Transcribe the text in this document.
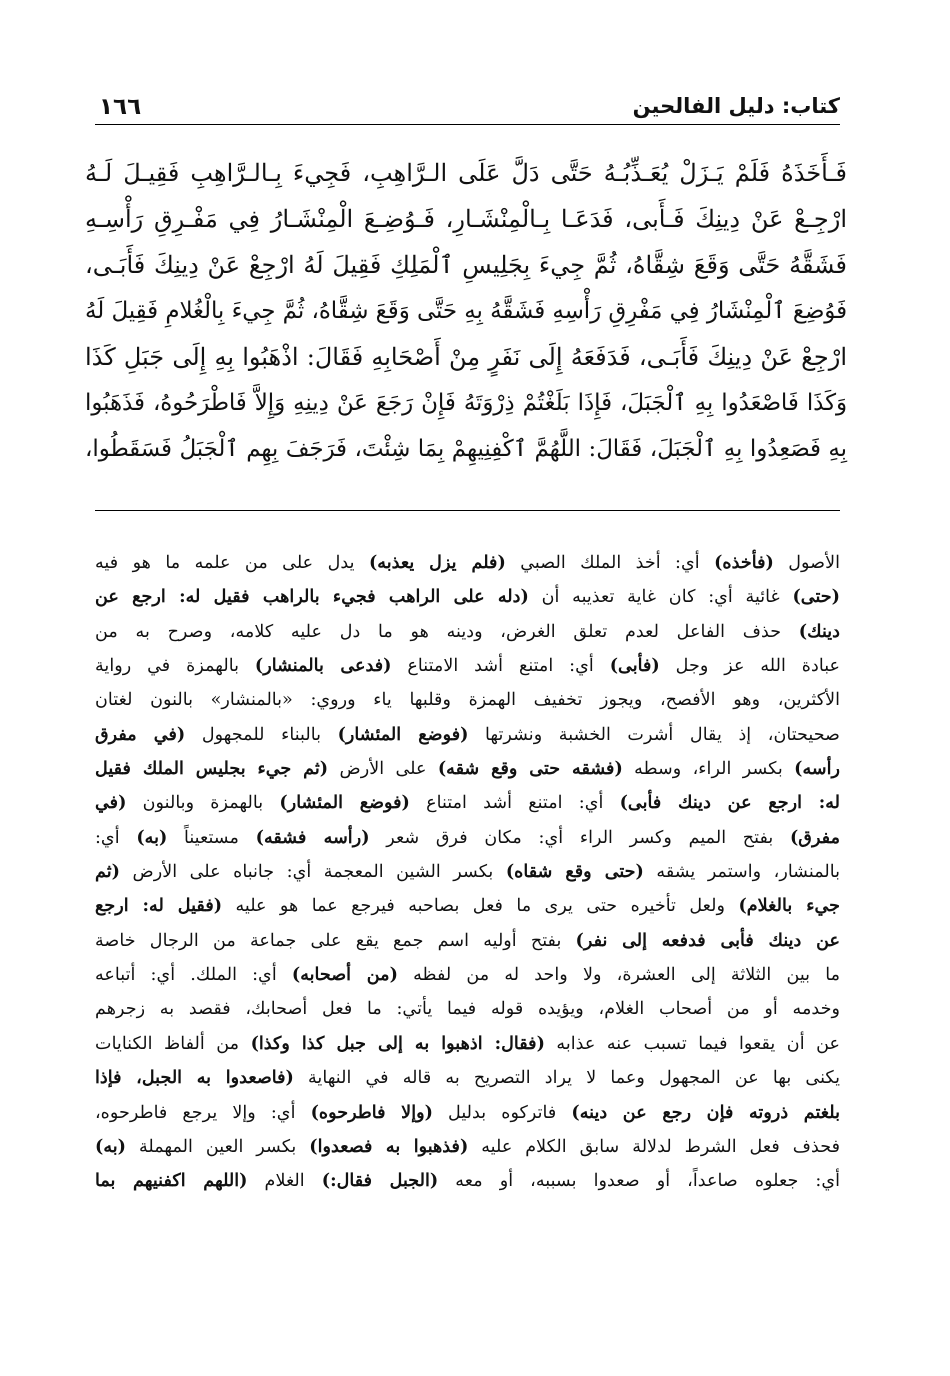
كتاب: دليل الفالحين
١٦٦
فَـأَخَذَهُ فَلَمْ يَـزَلْ يُعَـذِّبُـهُ حَتَّى دَلَّ عَلَى الـرَّاهِبِ، فَجِيءَ بِـالـرَّاهِبِ فَقِيـلَ لَـهُ
ارْجِـعْ عَنْ دِينِكَ فَـأَبى، فَدَعَـا بِـالْمِنْشَـارِ، فَـوُضِـعَ الْمِنْشَـارُ فِي مَفْـرِقِ رَأْسِـهِ
فَشَقَّهُ حَتَّى وَقَعَ شِقَّاهُ، ثُمَّ جِيءَ بِجَلِيسِ ٱلْمَلِكِ فَقِيلَ لَهُ ارْجِعْ عَنْ دِينِكَ فَأَبَـى،
فَوُضِعَ ٱلْمِنْشَارُ فِي مَفْرِقِ رَأْسِهِ فَشَقَّهُ بِهِ حَتَّى وَقَعَ شِقَّاهُ، ثُمَّ جِيءَ بِالْغُلامِ فَقِيلَ لَهُ
ارْجِعْ عَنْ دِينِكَ فَأَبَـى، فَدَفَعَهُ إِلَى نَفَرٍ مِنْ أَصْحَابِهِ فَقَالَ: اذْهَبُوا بِهِ إِلَى جَبَلِ كَذَا
وَكَذَا فَاصْعَدُوا بِهِ ٱلْجَبَلَ، فَإِذَا بَلَغْتُمْ ذِرْوَتَهُ فَإِنْ رَجَعَ عَنْ دِينِهِ وَإِلاَّ فَاطْرَحُوهُ، فَذَهَبُوا
بِهِ فَصَعِدُوا بِهِ ٱلْجَبَلَ، فَقَالَ: اللَّهُمَّ ٱكْفِنِيهِمْ بِمَا شِئْتَ، فَرَجَفَ بِهِم ٱلْجَبَلُ فَسَقَطُوا،
الأصول (فأخذه) أي: أخذ الملك الصبي (فلم يزل يعذبه) يدل على من علمه ما هو فيه
(حتى) غائية أي: كان غاية تعذيبه أن (دله على الراهب فجيء بالراهب فقيل له: ارجع عن
دينك) حذف الفاعل لعدم تعلق الغرض، ودينه هو ما دل عليه كلامه، وصرح به من
عبادة الله عز وجل (فأبى) أي: امتنع أشد الامتناع (فدعى بالمنشار) بالهمزة في رواية
الأكثرين، وهو الأفصح، ويجوز تخفيف الهمزة وقلبها ياء وروي: «بالمنشار» بالنون لغتان
صحيحتان، إذ يقال أشرت الخشبة ونشرتها (فوضع المئشار) بالبناء للمجهول (في مفرق
رأسه) بكسر الراء، وسطه (فشقه حتى وقع شقه) على الأرض (ثم جيء بجليس الملك فقيل
له: ارجع عن دينك فأبى) أي: امتنع أشد امتناع (فوضع المئشار) بالهمزة وبالنون (في
مفرق) بفتح الميم وكسر الراء أي: مكان فرق شعر (رأسه فشقه) مستعيناً (به) أي:
بالمنشار، واستمر يشقه (حتى وقع شقاه) بكسر الشين المعجمة أي: جانباه على الأرض (ثم
جيء بالغلام) ولعل تأخيره حتى يرى ما فعل بصاحبه فيرجع عما هو عليه (فقيل له: ارجع
عن دينك فأبى فدفعه إلى نفر) بفتح أوليه اسم جمع يقع على جماعة من الرجال خاصة
ما بين الثلاثة إلى العشرة، ولا واحد له من لفظه (من أصحابه) أي: الملك. أي: أتباعه
وخدمه أو من أصحاب الغلام، ويؤيده قوله فيما يأتي: ما فعل أصحابك، فقصد به زجرهم
عن أن يقعوا فيما تسبب عنه عذابه (فقال: اذهبوا به إلى جبل كذا وكذا) من ألفاظ الكنايات
يكنى بها عن المجهول وعما لا يراد التصريح به قاله في النهاية (فاصعدوا به الجبل، فإذا
بلغتم ذروته فإن رجع عن دينه) فاتركوه بدليل (وإلا فاطرحوه) أي: وإلا يرجع فاطرحوه،
فحذف فعل الشرط لدلالة سابق الكلام عليه (فذهبوا به فصعدوا) بكسر العين المهملة (به)
أي: جعلوه صاعداً، أو صعدوا بسببه، أو معه (الجبل فقال:) الغلام (اللهم اكفنيهم بما
